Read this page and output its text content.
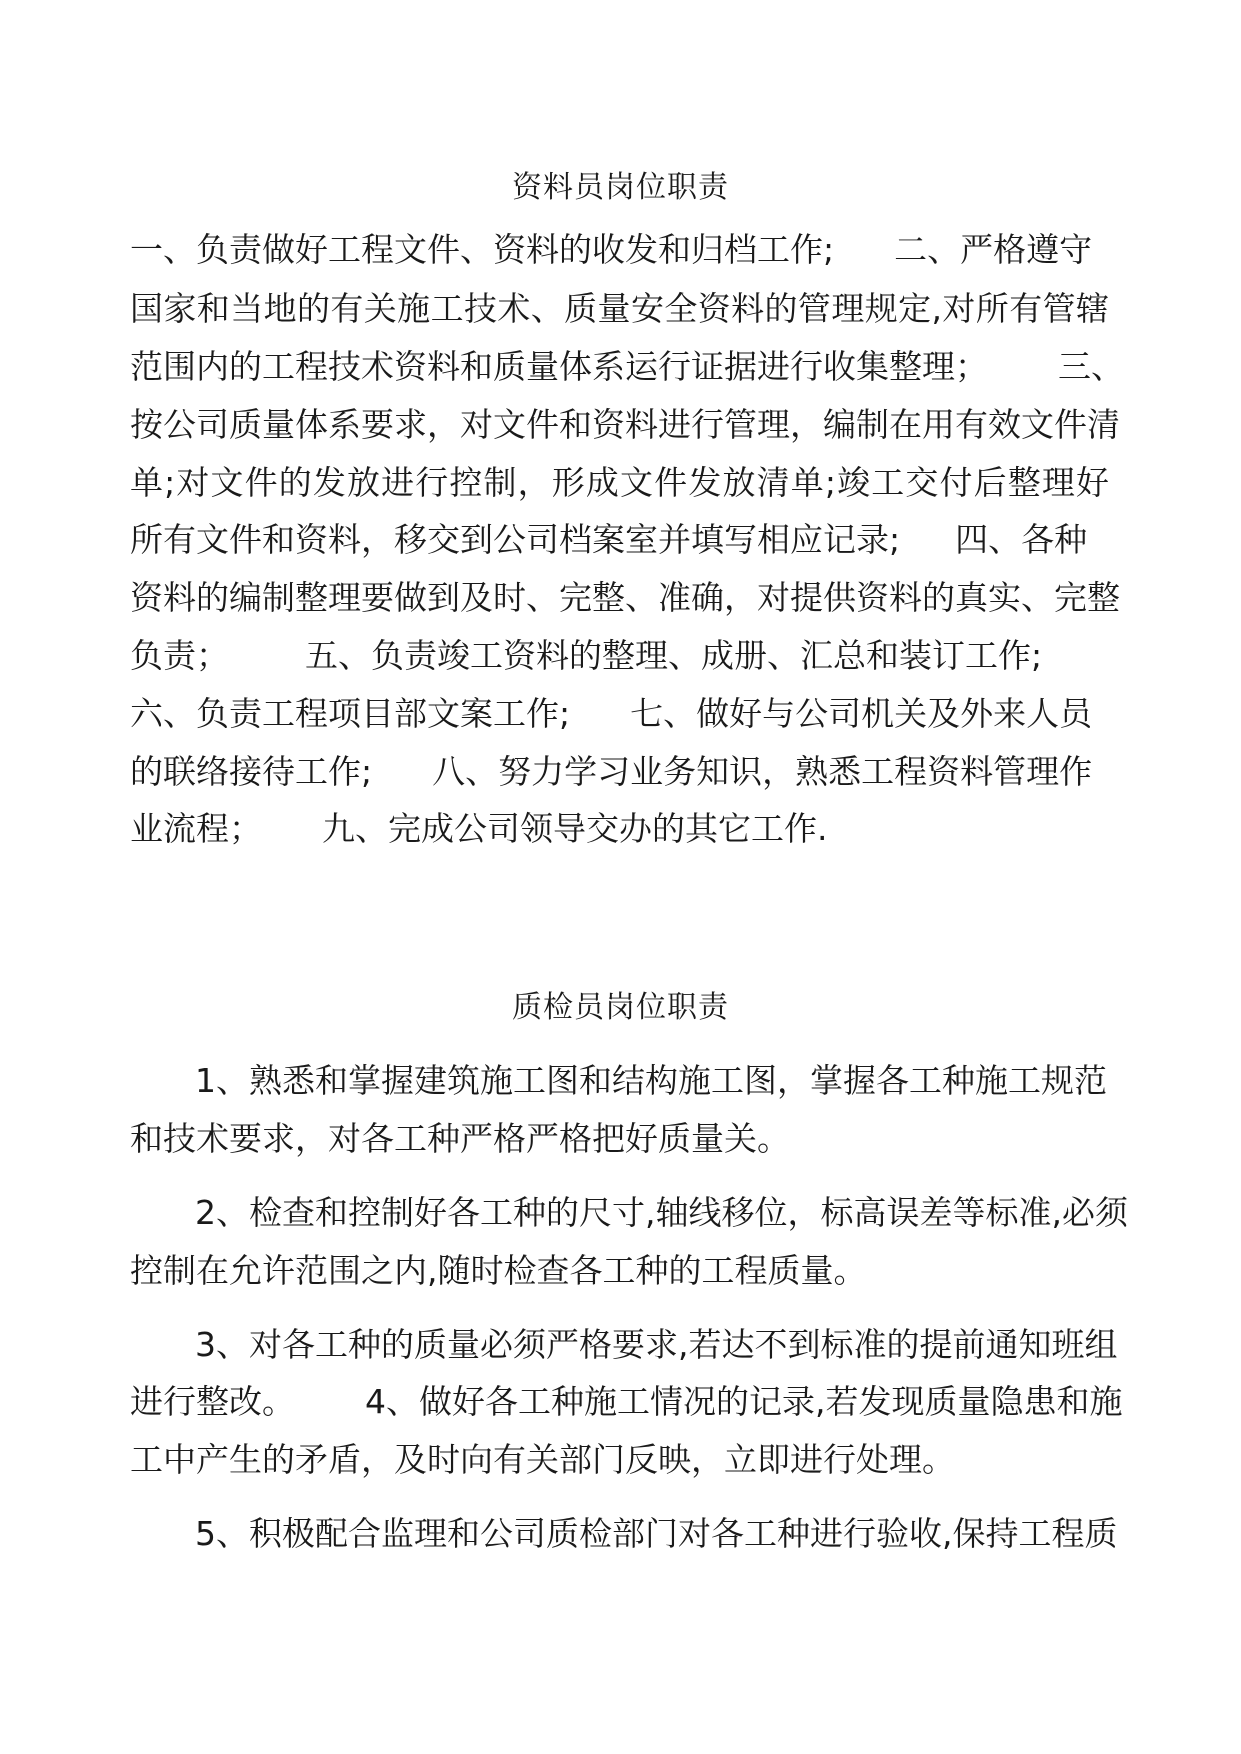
资料员岗位职责
一、负责做好工程文件、资料的收发和归档工作; 二、严格遵守
国家和当地的有关施工技术、质量安全资料的管理规定,对所有管辖
范围内的工程技术资料和质量体系运行证据进行收集整理； 三、
按公司质量体系要求，对文件和资料进行管理，编制在用有效文件清
单;对文件的发放进行控制，形成文件发放清单;竣工交付后整理好
所有文件和资料，移交到公司档案室并填写相应记录; 四、各种
资料的编制整理要做到及时、完整、准确，对提供资料的真实、完整
负责； 五、负责竣工资料的整理、成册、汇总和装订工作;
六、负责工程项目部文案工作; 七、做好与公司机关及外来人员
的联络接待工作; 八、努力学习业务知识，熟悉工程资料管理作
业流程； 九、完成公司领导交办的其它工作.
质检员岗位职责
1、熟悉和掌握建筑施工图和结构施工图，掌握各工种施工规范
和技术要求，对各工种严格严格把好质量关。
2、检查和控制好各工种的尺寸,轴线移位，标高误差等标准,必须
控制在允许范围之内,随时检查各工种的工程质量。
3、对各工种的质量必须严格要求,若达不到标准的提前通知班组
进行整改。 4、做好各工种施工情况的记录,若发现质量隐患和施
工中产生的矛盾，及时向有关部门反映，立即进行处理。
5、积极配合监理和公司质检部门对各工种进行验收,保持工程质
